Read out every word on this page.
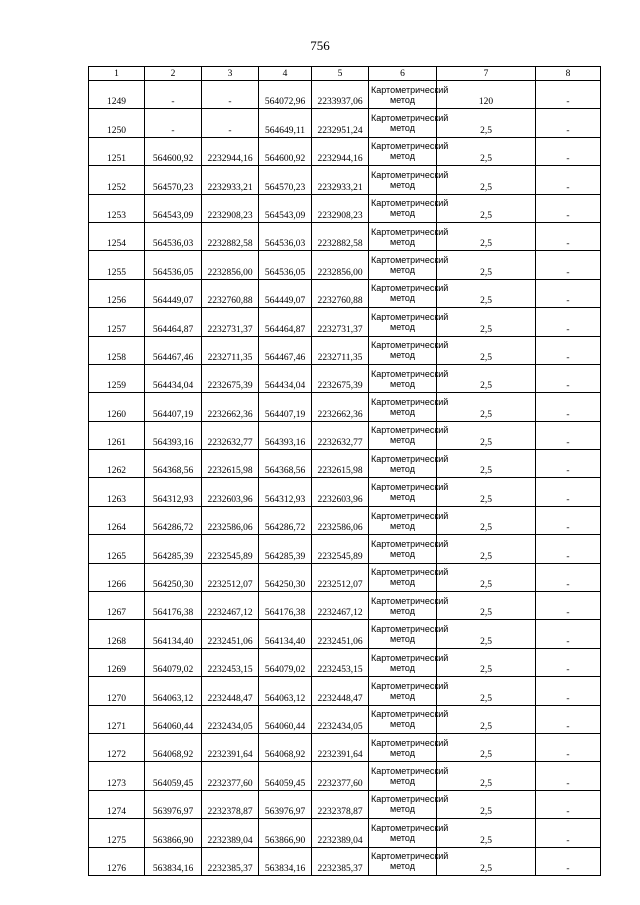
756
1	2	3	4	5	6	7	8
1249	-	-	564072,96	2233937,06	Картометрический метод	120	-
1250	-	-	564649,11	2232951,24	Картометрический метод	2,5	-
1251	564600,92	2232944,16	564600,92	2232944,16	Картометрический метод	2,5	-
1252	564570,23	2232933,21	564570,23	2232933,21	Картометрический метод	2,5	-
1253	564543,09	2232908,23	564543,09	2232908,23	Картометрический метод	2,5	-
1254	564536,03	2232882,58	564536,03	2232882,58	Картометрический метод	2,5	-
1255	564536,05	2232856,00	564536,05	2232856,00	Картометрический метод	2,5	-
1256	564449,07	2232760,88	564449,07	2232760,88	Картометрический метод	2,5	-
1257	564464,87	2232731,37	564464,87	2232731,37	Картометрический метод	2,5	-
1258	564467,46	2232711,35	564467,46	2232711,35	Картометрический метод	2,5	-
1259	564434,04	2232675,39	564434,04	2232675,39	Картометрический метод	2,5	-
1260	564407,19	2232662,36	564407,19	2232662,36	Картометрический метод	2,5	-
1261	564393,16	2232632,77	564393,16	2232632,77	Картометрический метод	2,5	-
1262	564368,56	2232615,98	564368,56	2232615,98	Картометрический метод	2,5	-
1263	564312,93	2232603,96	564312,93	2232603,96	Картометрический метод	2,5	-
1264	564286,72	2232586,06	564286,72	2232586,06	Картометрический метод	2,5	-
1265	564285,39	2232545,89	564285,39	2232545,89	Картометрический метод	2,5	-
1266	564250,30	2232512,07	564250,30	2232512,07	Картометрический метод	2,5	-
1267	564176,38	2232467,12	564176,38	2232467,12	Картометрический метод	2,5	-
1268	564134,40	2232451,06	564134,40	2232451,06	Картометрический метод	2,5	-
1269	564079,02	2232453,15	564079,02	2232453,15	Картометрический метод	2,5	-
1270	564063,12	2232448,47	564063,12	2232448,47	Картометрический метод	2,5	-
1271	564060,44	2232434,05	564060,44	2232434,05	Картометрический метод	2,5	-
1272	564068,92	2232391,64	564068,92	2232391,64	Картометрический метод	2,5	-
1273	564059,45	2232377,60	564059,45	2232377,60	Картометрический метод	2,5	-
1274	563976,97	2232378,87	563976,97	2232378,87	Картометрический метод	2,5	-
1275	563866,90	2232389,04	563866,90	2232389,04	Картометрический метод	2,5	-
1276	563834,16	2232385,37	563834,16	2232385,37	Картометрический метод	2,5	-
